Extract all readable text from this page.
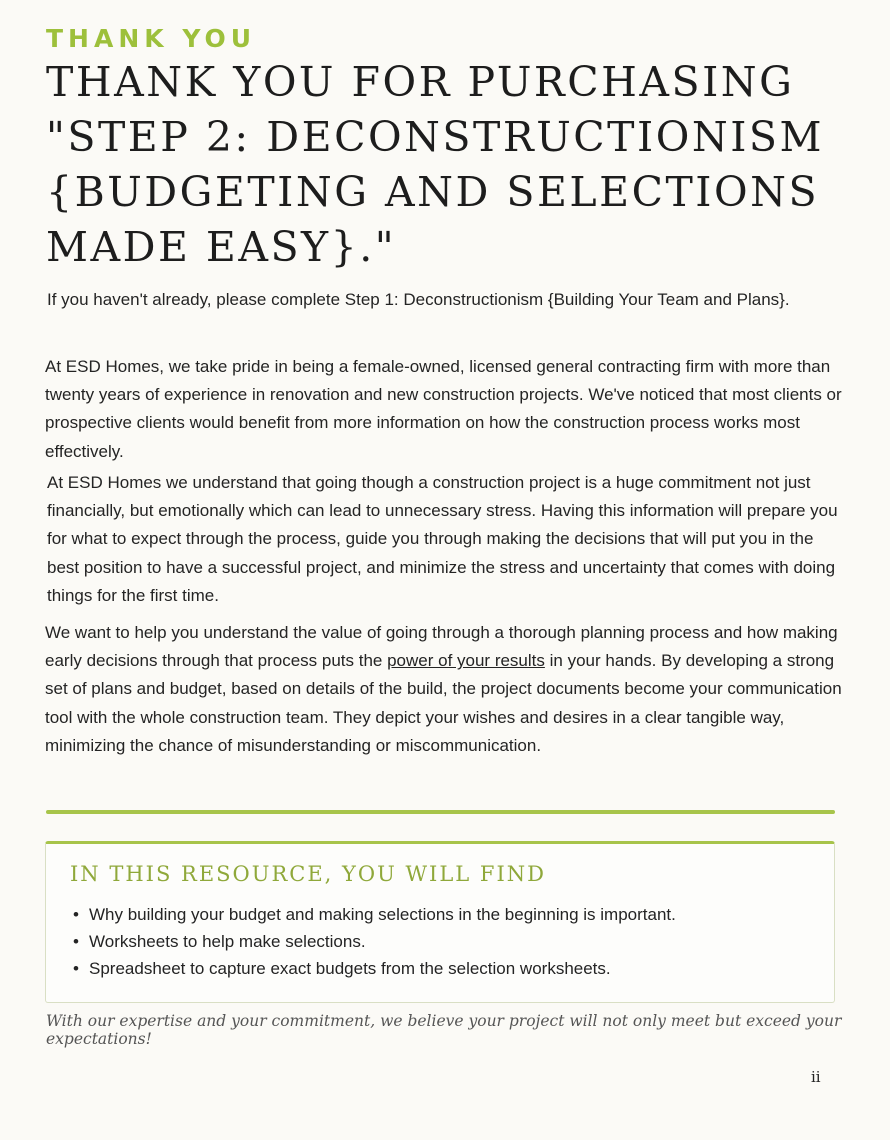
THANK YOU
THANK YOU FOR PURCHASING "STEP 2: DECONSTRUCTIONISM {BUDGETING AND SELECTIONS MADE EASY}."

If you haven't already, please complete Step 1: Deconstructionism {Building Your Team and Plans}.

At ESD Homes, we take pride in being a female-owned, licensed general contracting firm with more than twenty years of experience in renovation and new construction projects. We've noticed that most clients or prospective clients would benefit from more information on how the construction process works most effectively.

At ESD Homes we understand that going though a construction project is a huge commitment not just financially, but emotionally which can lead to unnecessary stress. Having this information will prepare you for what to expect through the process, guide you through making the decisions that will put you in the best position to have a successful project, and minimize the stress and uncertainty that comes with doing things for the first time.

We want to help you understand the value of going through a thorough planning process and how making early decisions through that process puts the power of your results in your hands. By developing a strong set of plans and budget, based on details of the build, the project documents become your communication tool with the whole construction team. They depict your wishes and desires in a clear tangible way, minimizing the chance of misunderstanding or miscommunication.

IN THIS RESOURCE, YOU WILL FIND
• Why building your budget and making selections in the beginning is important.
• Worksheets to help make selections.
• Spreadsheet to capture exact budgets from the selection worksheets.

With our expertise and your commitment, we believe your project will not only meet but exceed your expectations!

ii
